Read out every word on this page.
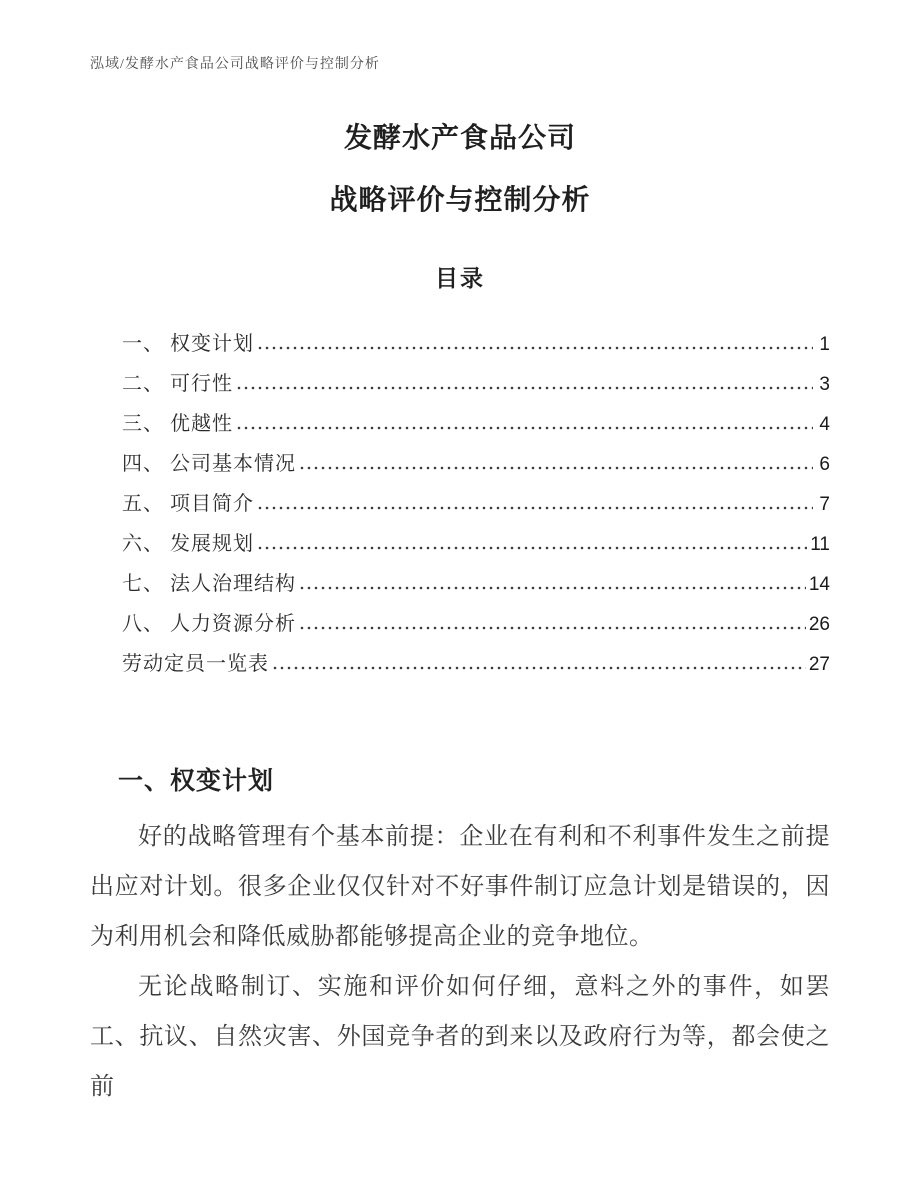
泓域/发酵水产食品公司战略评价与控制分析
发酵水产食品公司
战略评价与控制分析
目录
一、 权变计划	1
二、 可行性	3
三、 优越性	4
四、 公司基本情况	6
五、 项目简介	7
六、 发展规划	11
七、 法人治理结构	14
八、 人力资源分析	26
劳动定员一览表	27
一、权变计划

好的战略管理有个基本前提：企业在有利和不利事件发生之前提出应对计划。很多企业仅仅针对不好事件制订应急计划是错误的，因为利用机会和降低威胁都能够提高企业的竞争地位。

无论战略制订、实施和评价如何仔细，意料之外的事件，如罢工、抗议、自然灾害、外国竞争者的到来以及政府行为等，都会使之前
